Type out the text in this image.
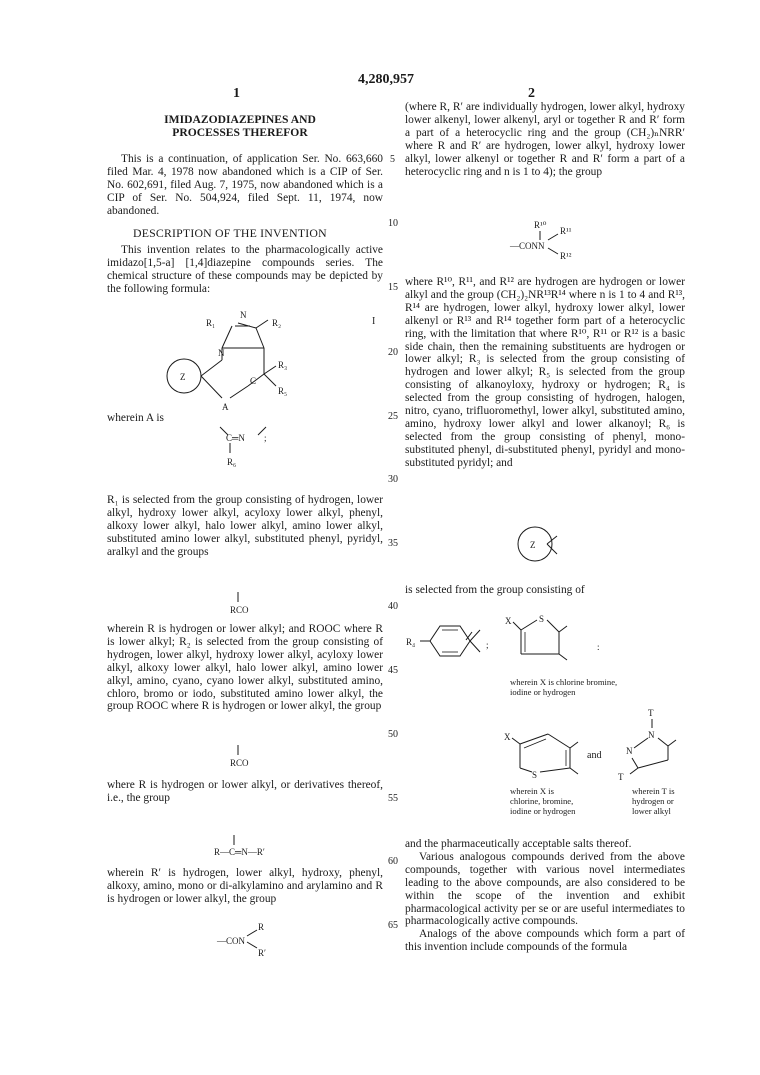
4,280,957
1	2
IMIDAZODIAZEPINES AND PROCESSES THEREFOR

This is a continuation, of application Ser. No. 663,660 filed Mar. 4, 1978 now abandoned which is a CIP of Ser. No. 602,691, filed Aug. 7, 1975, now abandoned which is a CIP of Ser. No. 504,924, filed Sept. 11, 1974, now abandoned.

DESCRIPTION OF THE INVENTION

This invention relates to the pharmacologically active imidazo[1,5-a] [1,4]diazepine compounds series. The chemical structure of these compounds may be depicted by the following formula:

I
R₁
N
R₂
N
R₃
C
R₅
Z
A
wherein A is
C═N
R₆
;

R₁ is selected from the group consisting of hydrogen, lower alkyl, hydroxy lower alkyl, acyloxy lower alkyl, phenyl, alkoxy lower alkyl, halo lower alkyl, amino lower alkyl, substituted amino lower alkyl, substituted phenyl, pyridyl, aralkyl and the groups

RCO

wherein R is hydrogen or lower alkyl; and ROOC where R is lower alkyl; R₂ is selected from the group consisting of hydrogen, lower alkyl, hydroxy lower alkyl, acyloxy lower alkyl, alkoxy lower alkyl, halo lower alkyl, amino lower alkyl, amino, cyano, cyano lower alkyl, substituted amino, chloro, bromo or iodo, substituted amino lower alkyl, the group ROOC where R is hydrogen or lower alkyl, the group

RCO

where R is hydrogen or lower alkyl, or derivatives thereof, i.e., the group

R—C═N—R′

wherein R′ is hydrogen, lower alkyl, hydroxy, phenyl, alkoxy, amino, mono or di-alkylamino and arylamino and R is hydrogen or lower alkyl, the group

—CON
R
R′
5
10
15
20
25
30
35
40
45
50
55
60
65

(where R, R′ are individually hydrogen, lower alkyl, hydroxy lower alkenyl, lower alkenyl, aryl or together R and R′ form a part of a heterocyclic ring and the group (CH₂)ₙNRR′ where R and R′ are hydrogen, lower alkyl, hydroxy lower alkyl, lower alkenyl or together R and R′ form a part of a heterocyclic ring and n is 1 to 4); the group

R¹⁰
—CONN
R¹¹
R¹²

where R¹⁰, R¹¹, and R¹² are hydrogen are hydrogen or lower alkyl and the group (CH₂)₂NR¹³R¹⁴ where n is 1 to 4 and R¹³, R¹⁴ are hydrogen, lower alkyl, hydroxy lower alkyl, lower alkenyl or R¹³ and R¹⁴ together form part of a heterocyclic ring, with the limitation that where R¹⁰, R¹¹ or R¹² is a basic side chain, then the remaining substituents are hydrogen or lower alkyl; R₃ is selected from the group consisting of hydrogen and lower alkyl; R₅ is selected from the group consisting of alkanoyloxy, hydroxy or hydrogen; R₄ is selected from the group consisting of hydrogen, halogen, nitro, cyano, trifluoromethyl, lower alkyl, substituted amino, amino, hydroxy lower alkyl and lower alkanoyl; R₆ is selected from the group consisting of phenyl, mono-substituted phenyl, di-substituted phenyl, pyridyl and mono-substituted pyridyl; and

Z
is selected from the group consisting of
R₄	;
X	S
:
wherein X is chlorine bromine, iodine or hydrogen
X
S
and
wherein X is chlorine, bromine, iodine or hydrogen
T
N
N
T
wherein T is hydrogen or lower alkyl

and the pharmaceutically acceptable salts thereof.

Various analogous compounds derived from the above compounds, together with various novel intermediates leading to the above compounds, are also considered to be within the scope of the invention and exhibit pharmacological activity per se or are useful intermediates to pharmacologically active compounds.

Analogs of the above compounds which form a part of this invention include compounds of the formula
